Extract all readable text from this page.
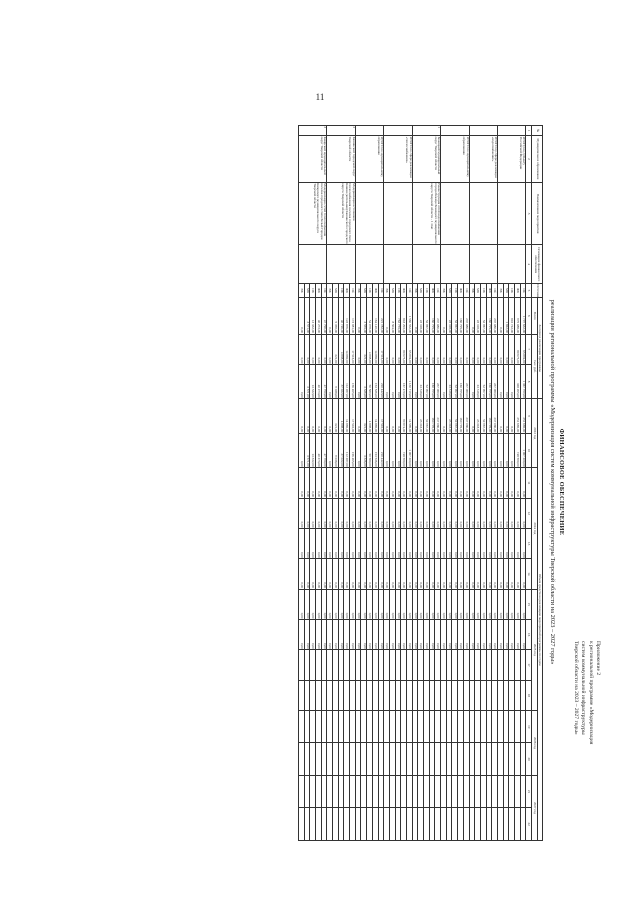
11
Приложение 2
к региональной программе «Модернизация
систем коммунальной инфраструктуры
Тверской области на 2023 – 2027 годы»
ФИНАНСОВОЕ ОБЕСПЕЧЕНИЕ
реализации региональной программы «Модернизация систем коммунальной инфраструктуры Тверской области на 2023 – 2027 годы»
№	Муниципальное образование	Наименование мероприятия	Основание финансового обеспечения	Источник	За период реализации программы			Объем средств на реализацию мероприятий программы по годам													
					Всего	тыс. руб.		2023 год		2024 год				2025 год				2026 год		2027 год	
1	2	3	4	5	6	7	8	9	10	11	12	13	14	15	16	17	18	19	20	21	22
	ИТОГО по субъекту Российской Федерации			Об	1 797 632,00	65 894,00	1 367 799,00	251 669,00	1 067 200,00	0,00	0,00	0,00	0,00	0,00	0,00						
				ФБ	979 088,00	80 675,00	328 265,00	251 669,00	748 590,00	0,00	0,00	0,00	0,00	0,00	0,00						
				ОБ	816 722,00	0,00	0,00	0,00	0,00	0,00	0,00	0,00	0,00	0,00	0,00						
				МБ	1 822,00	0,00	0,00	0,00	0,00	0,00	0,00	0,00	0,00	0,00	0,00						
				ВБ	0,00	0,00	0,00	0,00	0,00	0,00	0,00	0,00	0,00	0,00	0,00						
	ИТОГО по сфере реализации «водоснабжение»			Об	237 080,00	0,00	237 080,00	237 080,00	0,00	0,00	0,00	0,00	0,00	0,00	0,00						
				ФБ	160 795,00	0,00	160 795,00	160 795,00	0,00	0,00	0,00	0,00	0,00	0,00	0,00						
				ОБ	52 967,00	0,00	52 967,00	52 967,00	0,00	0,00	0,00	0,00	0,00	0,00	0,00						
				МБ	23 318,00	0,00	23 318,00	23 318,00	0,00	0,00	0,00	0,00	0,00	0,00	0,00						
				ВБ	0,00	0,00	0,00	0,00	0,00	0,00	0,00	0,00	0,00	0,00	0,00						
	ИТОГО по муниципальному образованию			Об	237 080,00	0,00	237 080,00	237 080,00	0,00	0,00	0,00	0,00	0,00	0,00	0,00						
				ФБ	160 795,00	0,00	160 795,00	160 795,00	0,00	0,00	0,00	0,00	0,00	0,00	0,00						
				ОБ	52 967,00	0,00	52 967,00	52 967,00	0,00	0,00	0,00	0,00	0,00	0,00	0,00						
				МБ	23 318,00	0,00	23 318,00	23 318,00	0,00	0,00	0,00	0,00	0,00	0,00	0,00						
				ВБ	0,00	0,00	0,00	0,00	0,00	0,00	0,00	0,00	0,00	0,00	0,00						
1	Бежецкий муниципальный округ Тверской области	Реконструкция сетей водоснабжения города Бежецк Бежецкого муниципального округа Тверской области - 1 этап		Об	237 080,00	0,00	237 080,00	237 080,00	0,00	0,00	0,00	0,00	0,00	0,00	0,00						
				ФБ	160 795,00	0,00	160 795,00	160 795,00	0,00	0,00	0,00	0,00	0,00	0,00	0,00						
				ОБ	52 967,00	0,00	52 967,00	52 967,00	0,00	0,00	0,00	0,00	0,00	0,00	0,00						
				МБ	23 318,00	0,00	23 318,00	23 318,00	0,00	0,00	0,00	0,00	0,00	0,00	0,00						
				ВБ	0,00	0,00	0,00	0,00	0,00	0,00	0,00	0,00	0,00	0,00	0,00						
	ИТОГО по сфере реализации «теплоснабжение»			Об	1 560 552,00	65 894,00	1 130 719,00	14 589,00	1 067 200,00	0,00	0,00	0,00	0,00	0,00	0,00						
				ФБ	818 293,00	80 675,00	167 470,00	90 874,00	748 590,00	0,00	0,00	0,00	0,00	0,00	0,00						
				ОБ	763 755,00	0,00	0,00	0,00	0,00	0,00	0,00	0,00	0,00	0,00	0,00						
				МБ	8 504,00	0,00	0,00	0,00	0,00	0,00	0,00	0,00	0,00	0,00	0,00						
				ВБ	0,00	0,00	0,00	0,00	0,00	0,00	0,00	0,00	0,00	0,00	0,00						
	ИТОГО по муниципальному образованию			Об	221 782,00	17 516,00	210 442,00	17 516,00	210 442,00	0,00	0,00	0,00	0,00	0,00	0,00						
				ФБ	164 149,00	14 869,00	153 536,00	14 869,00	153 536,00	0,00	0,00	0,00	0,00	0,00	0,00						
				ОБ	54 078,00	4 898,00	50 580,00	4 898,00	50 580,00	0,00	0,00	0,00	0,00	0,00	0,00						
				МБ	3 555,00	321,00	3 326,00	321,00	3 326,00	0,00	0,00	0,00	0,00	0,00	0,00						
				ВБ	0,00	0,00	0,00	0,00	0,00	0,00	0,00	0,00	0,00	0,00	0,00						
2	Кашинский городской округ Тверской области	Модернизация источников теплоснабжения поселка городского типа Кашин (котельная) Кашинского городского округа Тверской области		Об	173 981,00	17 516,00	156 465,00	17 516,00	156 465,00	0,00	0,00	0,00	0,00	0,00	0,00						
				ФБ	123 876,00	14 869,00	112 287,00	14 869,00	112 287,00	0,00	0,00	0,00	0,00	0,00	0,00						
				ОБ	40 746,00	4 898,00	37 022,00	4 898,00	37 022,00	0,00	0,00	0,00	0,00	0,00	0,00						
				МБ	9 359,00	321,00	9 038,00	321,00	9 038,00	0,00	0,00	0,00	0,00	0,00	0,00						
				ВБ	0,00	0,00	0,00	0,00	0,00	0,00	0,00	0,00	0,00	0,00	0,00						
3	Кимрский муниципальный округ Тверской области	Модернизация сетей теплоснабжения поселка городского типа Белый Городок Кимрского муниципального округа Тверской области		Об	47 790,00	0,00	47 790,00	0,00	47 790,00	0,00	0,00	0,00	0,00	0,00	0,00						
				ФБ	40 273,00	0,00	40 273,00	0,00	40 273,00	0,00	0,00	0,00	0,00	0,00	0,00						
				ОБ	13 332,00	0,00	13 332,00	0,00	13 332,00	0,00	0,00	0,00	0,00	0,00	0,00						
				МБ	3 571,00	0,00	3 571,00	0,00	3 571,00	0,00	0,00	0,00	0,00	0,00	0,00						
				ВБ	0,00	0,00	0,00	0,00	0,00	0,00	0,00	0,00	0,00	0,00	0,00						
